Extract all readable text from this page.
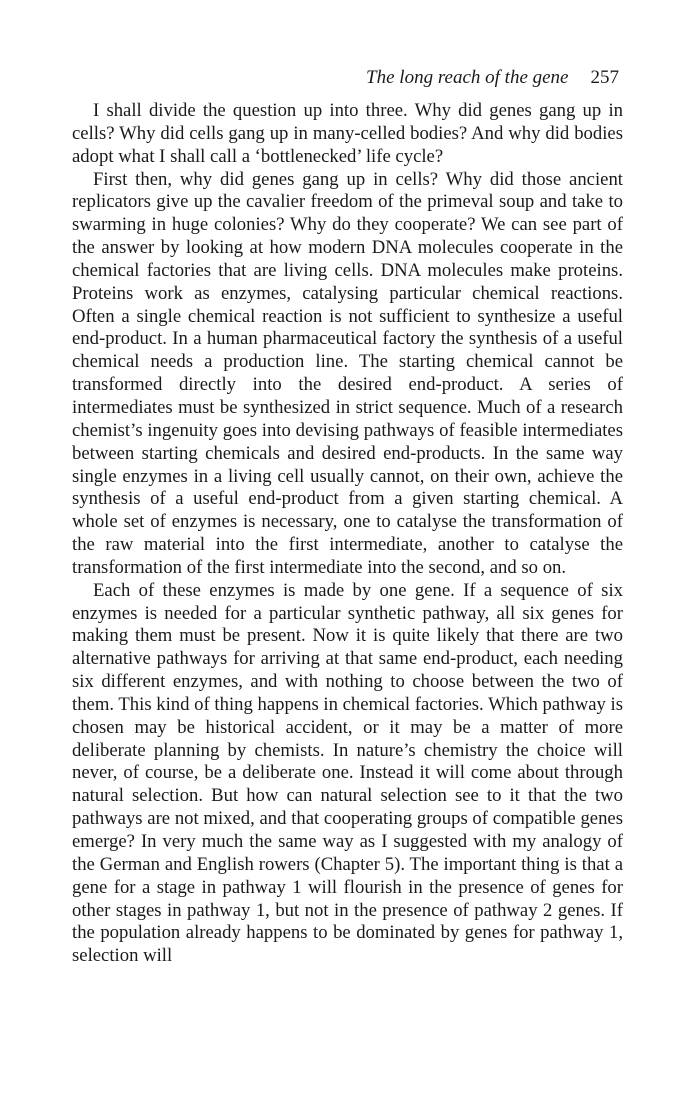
The long reach of the gene 257

I shall divide the question up into three. Why did genes gang up in cells? Why did cells gang up in many-celled bodies? And why did bodies adopt what I shall call a ‘bottlenecked’ life cycle?

First then, why did genes gang up in cells? Why did those ancient replicators give up the cavalier freedom of the primeval soup and take to swarming in huge colonies? Why do they cooperate? We can see part of the answer by looking at how modern DNA molecules cooperate in the chemical factories that are living cells. DNA molecules make proteins. Proteins work as enzymes, catalysing particular chemical reactions. Often a single chemical reaction is not sufficient to synthesize a useful end-product. In a human pharmaceutical factory the synthesis of a useful chemical needs a production line. The starting chemical cannot be transformed directly into the desired end-product. A series of intermediates must be synthesized in strict sequence. Much of a research chemist’s ingenuity goes into devising pathways of feasible intermediates between starting chemicals and desired end-products. In the same way single enzymes in a living cell usually cannot, on their own, achieve the synthesis of a useful end-product from a given starting chemical. A whole set of enzymes is necessary, one to catalyse the transformation of the raw material into the first intermediate, another to catalyse the transformation of the first intermediate into the second, and so on.

Each of these enzymes is made by one gene. If a sequence of six enzymes is needed for a particular synthetic pathway, all six genes for making them must be present. Now it is quite likely that there are two alternative pathways for arriving at that same end-product, each needing six different enzymes, and with nothing to choose between the two of them. This kind of thing happens in chemical factories. Which pathway is chosen may be historical accident, or it may be a matter of more deliberate planning by chemists. In nature’s chemistry the choice will never, of course, be a deliberate one. Instead it will come about through natural selection. But how can natural selection see to it that the two pathways are not mixed, and that cooperating groups of compatible genes emerge? In very much the same way as I suggested with my analogy of the German and English rowers (Chapter 5). The important thing is that a gene for a stage in pathway 1 will flourish in the presence of genes for other stages in pathway 1, but not in the presence of pathway 2 genes. If the population already happens to be dominated by genes for pathway 1, selection will
